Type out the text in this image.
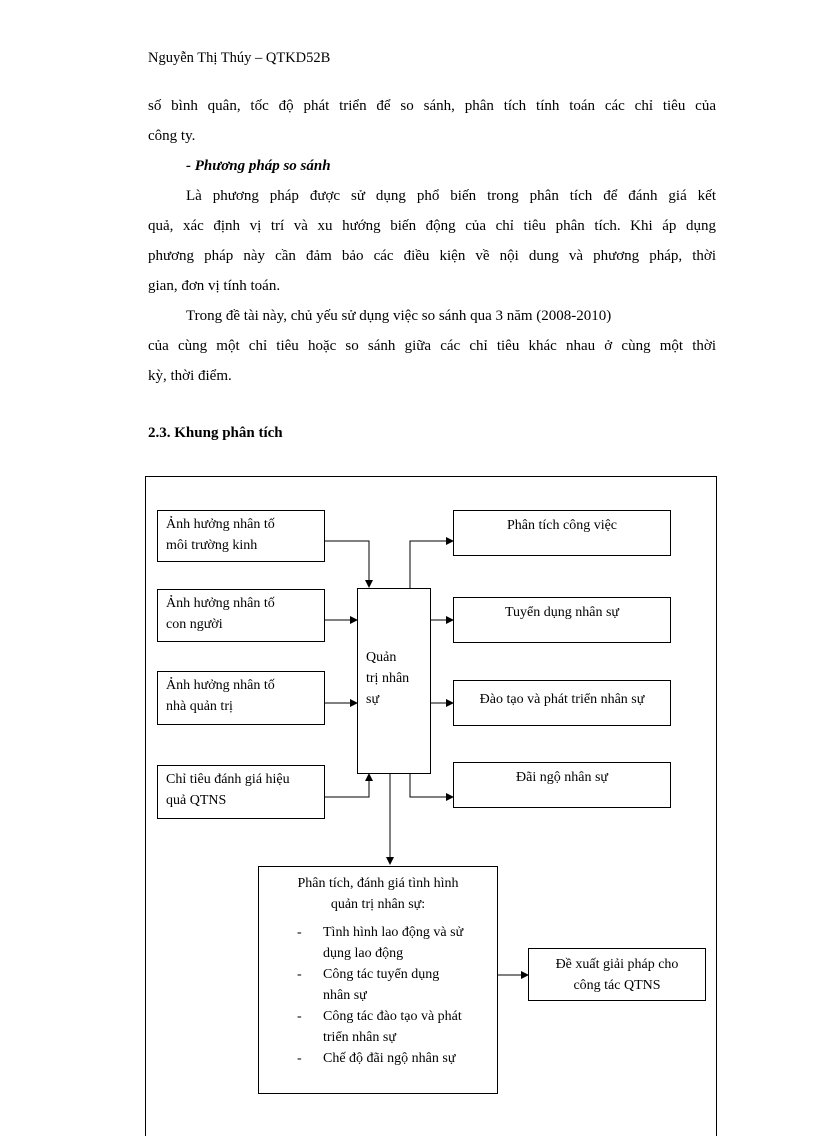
Nguyễn Thị Thúy – QTKD52B
số bình quân, tốc độ phát triển để so sánh, phân tích tính toán các chỉ tiêu của
công ty.
- Phương pháp so sánh
Là phương pháp được sử dụng phổ biến trong phân tích để đánh giá kết
quả, xác định vị trí và xu hướng biến động của chỉ tiêu phân tích. Khi áp dụng
phương pháp này cần đảm bảo các điều kiện về nội dung và phương pháp, thời
gian, đơn vị tính toán.
Trong đề tài này, chủ yếu sử dụng việc so sánh qua 3 năm (2008-2010)
của cùng một chỉ tiêu hoặc so sánh giữa các chỉ tiêu khác nhau ở cùng một thời
kỳ, thời điểm.
2.3. Khung phân tích
Ảnh hưởng nhân tố
môi trường kinh
Ảnh hưởng nhân tố
con người
Ảnh hưởng nhân tố
nhà quản trị
Chỉ tiêu đánh giá hiệu
quả QTNS
Quản
trị nhân
sự
Phân tích công việc
Tuyển dụng nhân sự
Đào tạo và phát triển nhân sự
Đãi ngộ nhân sự
Phân tích, đánh giá tình hình
quản trị nhân sự:
- Tình hình lao động và sử
dụng lao động
- Công tác tuyển dụng
nhân sự
- Công tác đào tạo và phát
triển nhân sự
- Chế độ đãi ngộ nhân sự
Đề xuất giải pháp cho
công tác QTNS
